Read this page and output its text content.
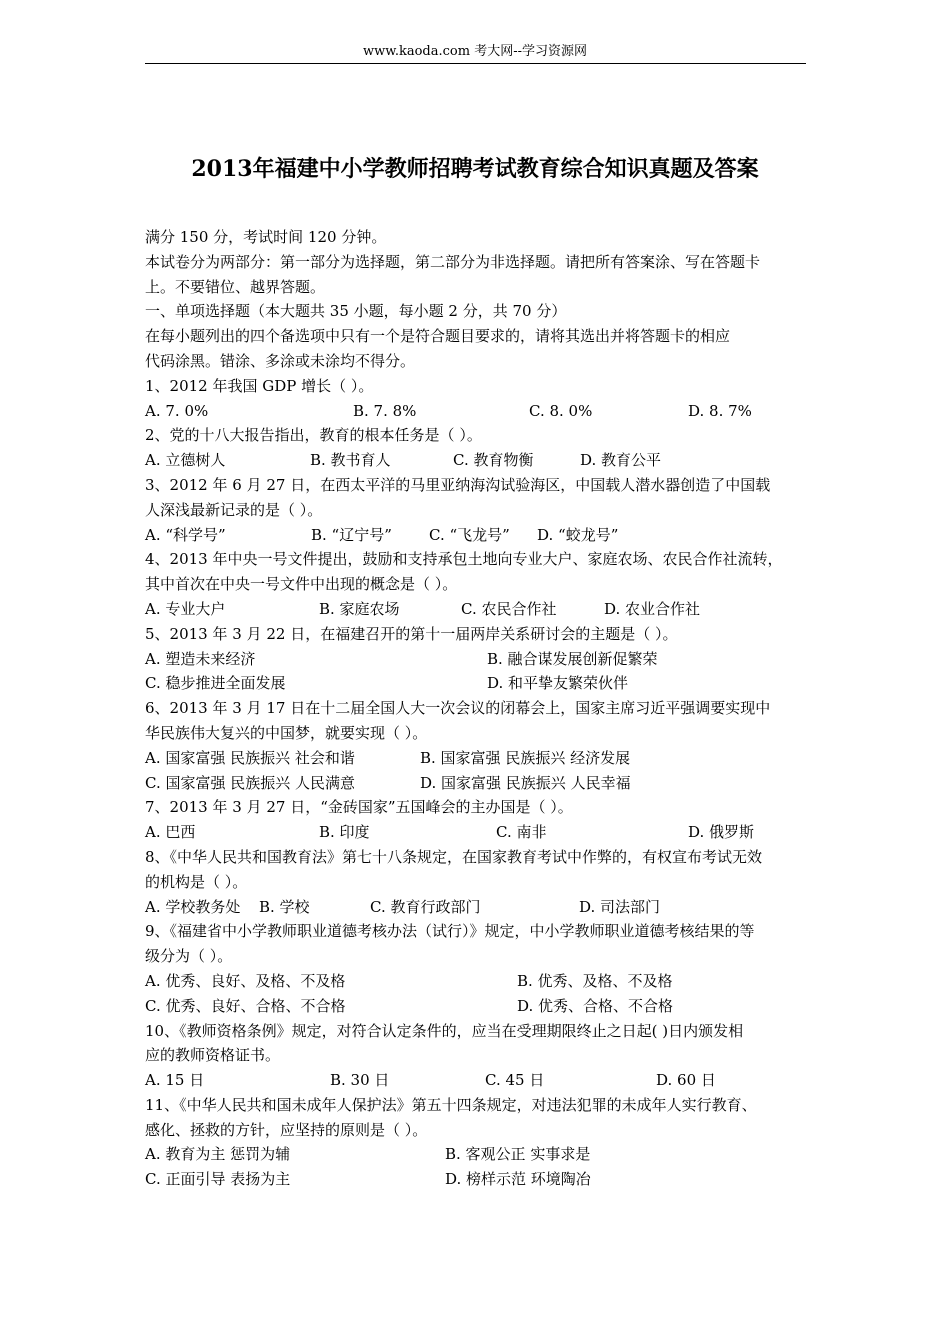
www.kaoda.com 考大网--学习资源网
2013年福建中小学教师招聘考试教育综合知识真题及答案
满分 150 分，考试时间 120 分钟。
本试卷分为两部分：第一部分为选择题，第二部分为非选择题。请把所有答案涂、写在答题卡
上。不要错位、越界答题。
一、单项选择题（本大题共 35 小题，每小题 2 分，共 70 分）
在每小题列出的四个备选项中只有一个是符合题目要求的，请将其选出并将答题卡的相应
代码涂黑。错涂、多涂或未涂均不得分。
1、2012 年我国 GDP 增长（ ）。
A. 7. 0%	B. 7. 8%	C. 8. 0%	D. 8. 7%
2、党的十八大报告指出，教育的根本任务是（ ）。
A. 立德树人	B. 教书育人	C. 教育物衡	D. 教育公平
3、2012 年 6 月 27 日，在西太平洋的马里亚纳海沟试验海区，中国载人潜水器创造了中国载
人深浅最新记录的是（ ）。
A. “科学号”	B. “辽宁号” C. “飞龙号” D. “蛟龙号”
4、2013 年中央一号文件提出，鼓励和支持承包土地向专业大户、家庭农场、农民合作社流转，
其中首次在中央一号文件中出现的概念是（ ）。
A. 专业大户	B. 家庭农场	C. 农民合作社	D. 农业合作社
5、2013 年 3 月 22 日，在福建召开的第十一届两岸关系研讨会的主题是（ ）。
A. 塑造未来经济	B. 融合谋发展创新促繁荣
C. 稳步推进全面发展	D. 和平挚友繁荣伙伴
6、2013 年 3 月 17 日在十二届全国人大一次会议的闭幕会上，国家主席习近平强调要实现中
华民族伟大复兴的中国梦，就要实现（ ）。
A. 国家富强 民族振兴 社会和谐	B. 国家富强 民族振兴 经济发展
C. 国家富强 民族振兴 人民满意	D. 国家富强 民族振兴 人民幸福
7、2013 年 3 月 27 日，“金砖国家”五国峰会的主办国是（ ）。
A. 巴西	B. 印度	C. 南非	D. 俄罗斯
8、《中华人民共和国教育法》第七十八条规定，在国家教育考试中作弊的，有权宣布考试无效
的机构是（ ）。
A. 学校教务处 B. 学校	C. 教育行政部门	D. 司法部门
9、《福建省中小学教师职业道德考核办法（试行）》规定，中小学教师职业道德考核结果的等
级分为（ ）。
A. 优秀、良好、及格、不及格	B. 优秀、及格、不及格
C. 优秀、良好、合格、不合格	D. 优秀、合格、不合格
10、《教师资格条例》规定，对符合认定条件的，应当在受理期限终止之日起( )日内颁发相
应的教师资格证书。
A. 15 日	B. 30 日	C. 45 日	D. 60 日
11、《中华人民共和国未成年人保护法》第五十四条规定，对违法犯罪的未成年人实行教育、
感化、拯救的方针，应坚持的原则是（ ）。
A. 教育为主 惩罚为辅	B. 客观公正 实事求是
C. 正面引导 表扬为主	D. 榜样示范 环境陶冶
